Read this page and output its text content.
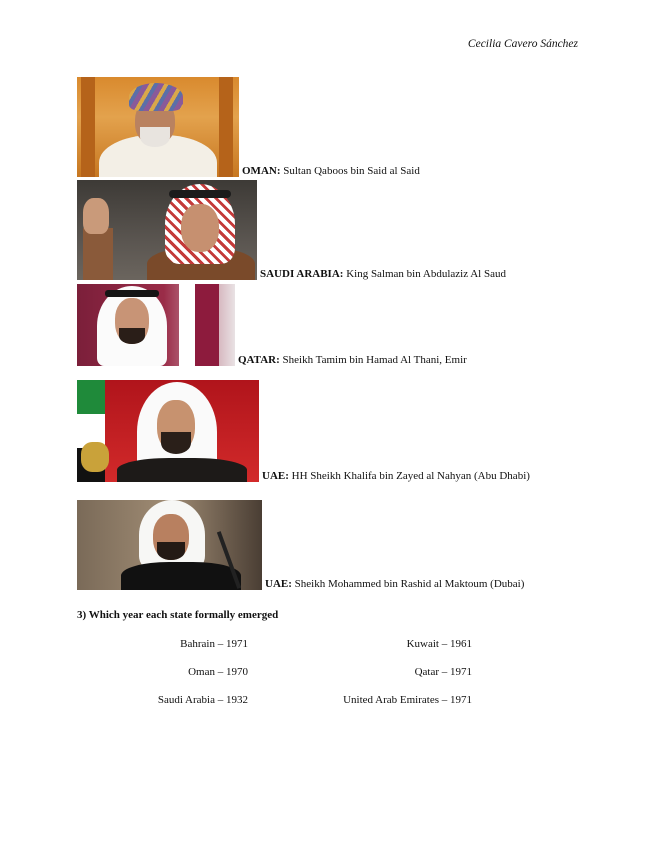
Cecilia Cavero Sánchez
OMAN: Sultan Qaboos bin Said al Said
SAUDI ARABIA: King Salman bin Abdulaziz Al Saud
QATAR: Sheikh Tamim bin Hamad Al Thani, Emir
UAE: HH Sheikh Khalifa bin Zayed al Nahyan (Abu Dhabi)
UAE: Sheikh Mohammed bin Rashid al Maktoum (Dubai)
3) Which year each state formally emerged
Bahrain – 1971
Oman – 1970
Saudi Arabia – 1932
Kuwait – 1961
Qatar – 1971
United Arab Emirates – 1971
